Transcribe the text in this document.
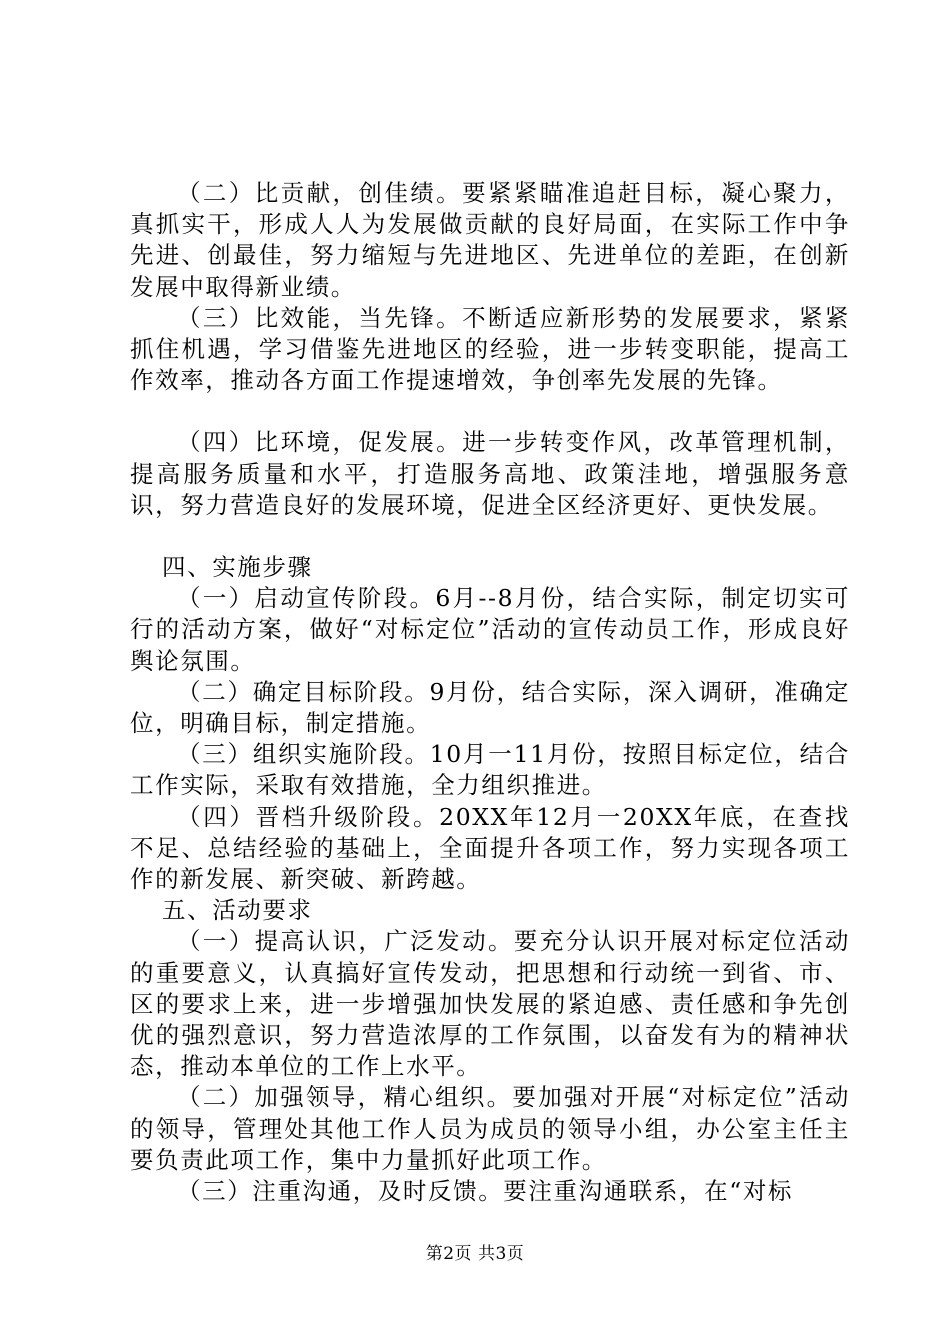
（二）比贡献，创佳绩。要紧紧瞄准追赶目标，凝心聚力，真抓实干，形成人人为发展做贡献的良好局面，在实际工作中争先进、创最佳，努力缩短与先进地区、先进单位的差距，在创新发展中取得新业绩。

（三）比效能，当先锋。不断适应新形势的发展要求，紧紧抓住机遇，学习借鉴先进地区的经验，进一步转变职能，提高工作效率，推动各方面工作提速增效，争创率先发展的先锋。

（四）比环境，促发展。进一步转变作风，改革管理机制，提高服务质量和水平，打造服务高地、政策洼地，增强服务意识，努力营造良好的发展环境，促进全区经济更好、更快发展。

四、实施步骤

（一）启动宣传阶段。6月--8月份，结合实际，制定切实可行的活动方案，做好“对标定位”活动的宣传动员工作，形成良好舆论氛围。

（二）确定目标阶段。9月份，结合实际，深入调研，准确定位，明确目标，制定措施。

（三）组织实施阶段。10月一11月份，按照目标定位，结合工作实际，采取有效措施，全力组织推进。

（四）晋档升级阶段。20XX年12月一20XX年底，在查找不足、总结经验的基础上，全面提升各项工作，努力实现各项工作的新发展、新突破、新跨越。

五、活动要求

（一）提高认识，广泛发动。要充分认识开展对标定位活动的重要意义，认真搞好宣传发动，把思想和行动统一到省、市、区的要求上来，进一步增强加快发展的紧迫感、责任感和争先创优的强烈意识，努力营造浓厚的工作氛围，以奋发有为的精神状态，推动本单位的工作上水平。

（二）加强领导，精心组织。要加强对开展“对标定位”活动的领导，管理处其他工作人员为成员的领导小组，办公室主任主要负责此项工作，集中力量抓好此项工作。

（三）注重沟通，及时反馈。要注重沟通联系，在“对标

第2页 共3页
